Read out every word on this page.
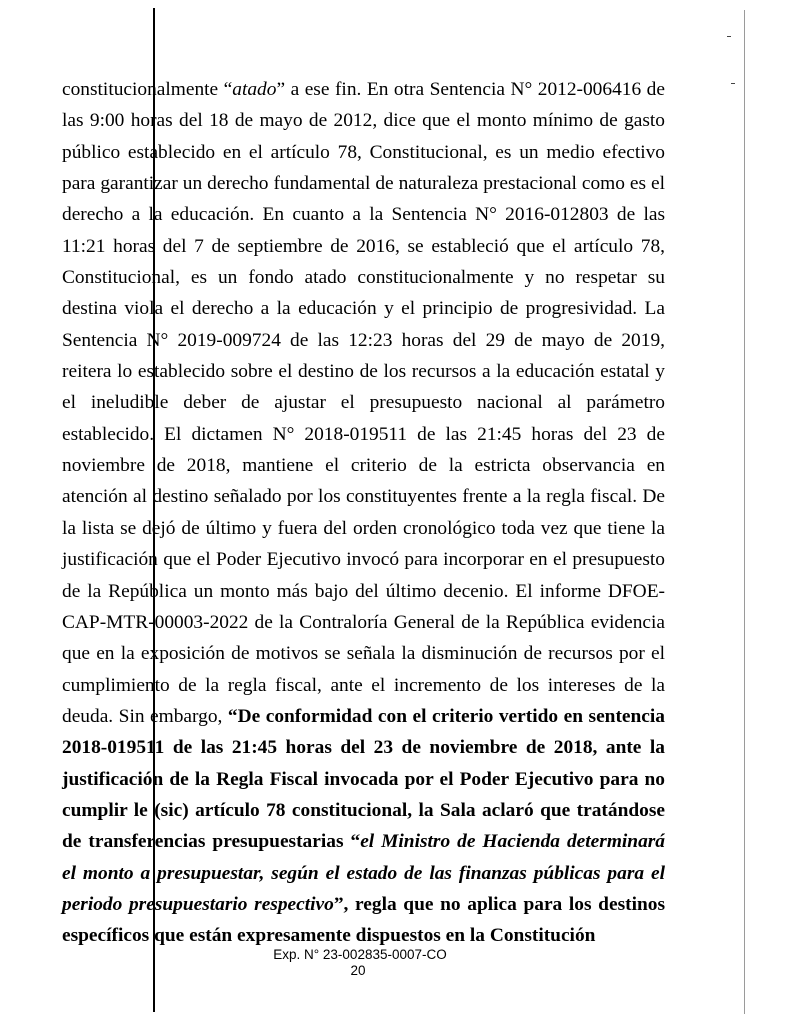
constitucionalmente “atado” a ese fin. En otra Sentencia N° 2012-006416 de las 9:00 horas del 18 de mayo de 2012, dice que el monto mínimo de gasto público establecido en el artículo 78, Constitucional, es un medio efectivo para garantizar un derecho fundamental de naturaleza prestacional como es el derecho a la educación. En cuanto a la Sentencia N° 2016-012803 de las 11:21 horas del 7 de septiembre de 2016, se estableció que el artículo 78, Constitucional, es un fondo atado constitucionalmente y no respetar su destina viola el derecho a la educación y el principio de progresividad. La Sentencia N° 2019-009724 de las 12:23 horas del 29 de mayo de 2019, reitera lo establecido sobre el destino de los recursos a la educación estatal y el ineludible deber de ajustar el presupuesto nacional al parámetro establecido. El dictamen N° 2018-019511 de las 21:45 horas del 23 de noviembre de 2018, mantiene el criterio de la estricta observancia en atención al destino señalado por los constituyentes frente a la regla fiscal. De la lista se dejó de último y fuera del orden cronológico toda vez que tiene la justificación que el Poder Ejecutivo invocó para incorporar en el presupuesto de la República un monto más bajo del último decenio. El informe DFOE-CAP-MTR-00003-2022 de la Contraloría General de la República evidencia que en la exposición de motivos se señala la disminución de recursos por el cumplimiento de la regla fiscal, ante el incremento de los intereses de la deuda. Sin embargo, “De conformidad con el criterio vertido en sentencia 2018-019511 de las 21:45 horas del 23 de noviembre de 2018, ante la justificación de la Regla Fiscal invocada por el Poder Ejecutivo para no cumplir le (sic) artículo 78 constitucional, la Sala aclaró que tratándose de transferencias presupuestarias “el Ministro de Hacienda determinará el monto a presupuestar, según el estado de las finanzas públicas para el periodo presupuestario respectivo”, regla que no aplica para los destinos específicos que están expresamente dispuestos en la Constitución
Exp. N° 23-002835-0007-CO
20
